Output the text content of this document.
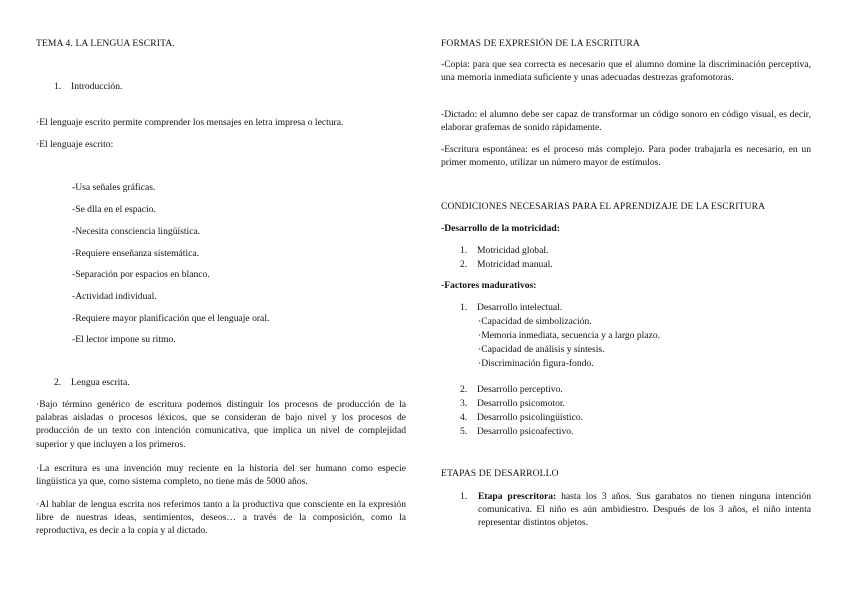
TEMA 4. LA LENGUA ESCRITA.
1. Introducción.
·El lenguaje escrito permite comprender los mensajes en letra impresa o lectura.
·El lenguaje escrito:
-Usa señales gráficas.
-Se dlla en el espacio.
-Necesita consciencia lingüística.
-Requiere enseñanza sistemática.
-Separación por espacios en blanco.
-Actividad individual.
-Requiere mayor planificación que el lenguaje oral.
-El lector impone su ritmo.
2. Lengua escrita.
·Bajo término genérico de escritura podemos distinguir los procesos de producción de la palabras aisladas o procesos léxicos, que se consideran de bajo nivel y los procesos de producción de un texto con intención comunicativa, que implica un nivel de complejidad superior y que incluyen a los primeros.
·La escritura es una invención muy reciente en la historia del ser humano como especie lingüística ya que, como sistema completo, no tiene más de 5000 años.
·Al hablar de lengua escrita nos referimos tanto a la productiva que consciente en la expresión libre de nuestras ideas, sentimientos, deseos… a través de la composición, como la reproductiva, es decir a la copia y al dictado.
FORMAS DE EXPRESIÓN DE LA ESCRITURA
-Copia: para que sea correcta es necesario que el alumno domine la discriminación perceptiva, una memoria inmediata suficiente y unas adecuadas destrezas grafomotoras.
-Dictado: el alumno debe ser capaz de transformar un código sonoro en código visual, es decir, elaborar grafemas de sonido rápidamente.
-Escritura espontánea: es el proceso más complejo. Para poder trabajarla es necesario, en un primer momento, utilizar un número mayor de estímulos.
CONDICIONES NECESARIAS PARA EL APRENDIZAJE DE LA ESCRITURA
-Desarrollo de la motricidad:
1. Motricidad global.
2. Motricidad manual.
-Factores madurativos:
1. Desarrollo intelectual.
·Capacidad de simbolización.
·Memoria inmediata, secuencia y a largo plazo.
·Capacidad de análisis y síntesis.
·Discriminación figura-fondo.
2. Desarrollo perceptivo.
3. Desarrollo psicomotor.
4. Desarrollo psicolingüístico.
5. Desarrollo psicoafectivo.
ETAPAS DE DESARROLLO
1. Etapa prescritora: hasta los 3 años. Sus garabatos no tienen ninguna intención comunicativa. El niño es aún ambidiestro. Después de los 3 años, el niño intenta representar distintos objetos.
